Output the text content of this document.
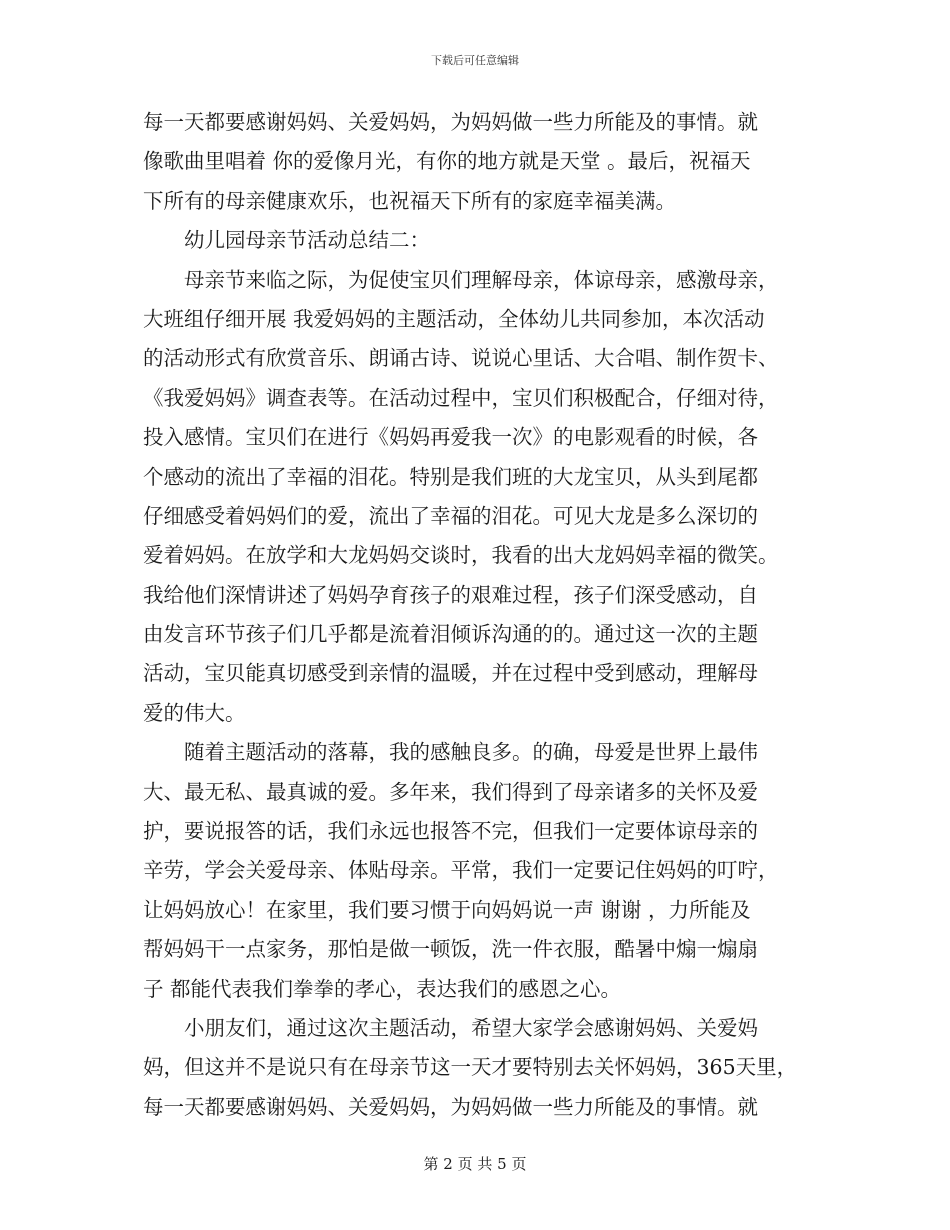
下载后可任意编辑
每一天都要感谢妈妈、关爱妈妈，为妈妈做一些力所能及的事情。就
像歌曲里唱着 你的爱像月光，有你的地方就是天堂 。最后，祝福天
下所有的母亲健康欢乐，也祝福天下所有的家庭幸福美满。
幼儿园母亲节活动总结二：
母亲节来临之际，为促使宝贝们理解母亲，体谅母亲，感激母亲，
大班组仔细开展 我爱妈妈的主题活动，全体幼儿共同参加，本次活动
的活动形式有欣赏音乐、朗诵古诗、说说心里话、大合唱、制作贺卡、
《我爱妈妈》调查表等。在活动过程中，宝贝们积极配合，仔细对待，
投入感情。宝贝们在进行《妈妈再爱我一次》的电影观看的时候，各
个感动的流出了幸福的泪花。特别是我们班的大龙宝贝，从头到尾都
仔细感受着妈妈们的爱，流出了幸福的泪花。可见大龙是多么深切的
爱着妈妈。在放学和大龙妈妈交谈时，我看的出大龙妈妈幸福的微笑。
我给他们深情讲述了妈妈孕育孩子的艰难过程，孩子们深受感动，自
由发言环节孩子们几乎都是流着泪倾诉沟通的的。通过这一次的主题
活动，宝贝能真切感受到亲情的温暖，并在过程中受到感动，理解母
爱的伟大。
随着主题活动的落幕，我的感触良多。的确，母爱是世界上最伟
大、最无私、最真诚的爱。多年来，我们得到了母亲诸多的关怀及爱
护，要说报答的话，我们永远也报答不完，但我们一定要体谅母亲的
辛劳，学会关爱母亲、体贴母亲。平常，我们一定要记住妈妈的叮咛，
让妈妈放心！在家里，我们要习惯于向妈妈说一声 谢谢 ，力所能及
帮妈妈干一点家务，那怕是做一顿饭，洗一件衣服，酷暑中煽一煽扇
子 都能代表我们拳拳的孝心，表达我们的感恩之心。
小朋友们，通过这次主题活动，希望大家学会感谢妈妈、关爱妈
妈，但这并不是说只有在母亲节这一天才要特别去关怀妈妈，365天里，
每一天都要感谢妈妈、关爱妈妈，为妈妈做一些力所能及的事情。就
第 2 页 共 5 页
